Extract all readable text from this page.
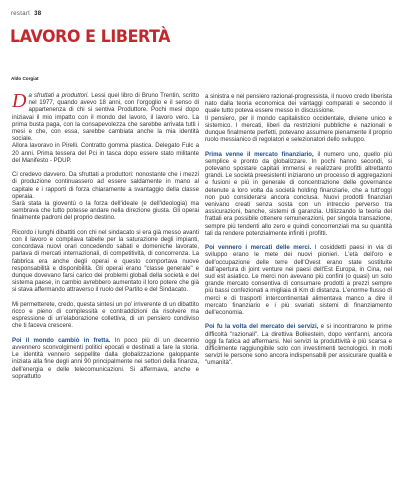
restart 38
LAVORO E LIBERTÀ
Aldo Corgiat

Da sfruttati a produttori. Lessi quel libro di Bruno Trentin, scritto nel 1977, quando avevo 18 anni, con l'orgoglio e il senso di appartenenza di chi si sentiva Produttore. Pochi mesi dopo iniziavai il mio impatto con il mondo del lavoro, il lavoro vero. La prima busta paga, con la consapevolezza che sarebbe arrivata tutti i mesi e che, con essa, sarebbe cambiata anche la mia identità sociale.
Allora lavoravo in Pirelli. Contratto gomma plastica. Delegato Fulc a 20 anni. Prima tessera del Pci in tasca dopo essere stato militante del Manifesto - PDUP.

Ci credevo davvero. Da sfruttati a produttori: nonostante che i mezzi di produzione continuassero ad essere saldamente in mano al capitale e i rapporti di forza chiaramente a svantaggio della classe operaia.
Sarà stata la gioventù o la forza dell'ideale (e dell'ideologia) ma sembrava che tutto potesse andare nella direzione giusta. Gli operai finalmente padroni del proprio destino.

Ricordo i lunghi dibattiti con chi nel sindacato si era già messo avanti con il lavoro e compilava tabelle per la saturazione degli impianti, concordava nuovi orari concedendo sabati e domeniche lavorate, parlava di mercati internazionali, di competitività, di concorrenza. La fabbrica era anche degli operai e questo comportava nuove responsabilità e disponibilità. Gli operai erano "classe generale" e dunque dovevano farsi carico dei problemi globali della società e del sistema paese, in cambio avrebbero aumentato il loro potere che già si stava affermando attraverso il ruolo del Partito e del Sindacato.

Mi permetterete, credo, questa sintesi un po' irriverente di un dibattito ricco e pieno di complessità e contraddizioni da risolvere ma espressione di un'elaborazione collettiva, di un pensiero condiviso che ti faceva crescere.

Poi il mondo cambiò in fretta. In poco più di un decennio avvennero sconvolgimenti politici epocali e destinati a fare la storia. Le identità vennero seppellite dalla globalizzazione galoppante iniziata alla fine degli anni 90 principalmente nei settori della finanza, dell'energia e delle telecomunicazioni. Si affermava, anche e soprattutto

a sinistra e nel pensiero razional-progressista, il nuovo credo liberista nato dalla teoria economica dei vantaggi comparati e secondo il quale tutto poteva essere messo in discussione.
Il pensiero, per il mondo capitalistico occidentale, diviene unico e sistemico. I mercati, liberi da restrizioni pubbliche e nazionali e dunque finalmente perfetti, potevano assumere pienamente il proprio ruolo messianico di regolatori e selezionatori dello sviluppo.

Prima venne il mercato finanziario, il numero uno, quello più semplice e pronto da globalizzare. In pochi hanno secondi, si potevano spostare capitali immensi e realizzare profitti altrettanto grandi. Le società preesistenti iniziarono un processo di aggregazioni e fusioni e più in generale di concentrazione delle governance detenute a loro volta da società holding finanziarie, che a tutt'oggi non può considerarsi ancora conclusa. Nuovi prodotti finanziari venivano creati senza sosta con un intreccio perverso tra assicurazioni, banche, sistemi di garanzia. Utilizzando la teoria dei frattali era possibile ottenere remunerazioni, per singola transazione, sempre più tendenti allo zero e quindi concorrenziali ma su quantità tali da rendere potenzialmente infiniti i profitti.

Poi vennero i mercati delle merci. I cosiddetti paesi in via di sviluppo erano le mete dei nuovi pionieri. L'età dell'oro e dell'occupazione delle terre dell'Ovest erano state sostituite dall'apertura di joint venture nei paesi dell'Est Europa, in Cina, nel sud est asiatico. Le merci non avevano più confini (o quasi) un solo grande mercato consentiva di consumare prodotti a prezzi sempre più bassi confezionati a migliaia di Km di distanza. L'enorme flusso di merci e di trasporti intercontinentali alimentava manco a dire il mercato finanziario e i più svariati sistemi di finanziamento dell'economia.

Poi fu la volta del mercato dei servizi, e si incontrarono le prime difficoltà "razionali". La direttiva Bolkestein, dopo vent'anni, ancora oggi fa fatica ad affermarsi. Nei servizi la produttività è più scarsa e difficilmente raggiungibile solo con investimenti tecnologici. In molti servizi le persone sono ancora indispensabili per assicurare qualità e "umanità".
